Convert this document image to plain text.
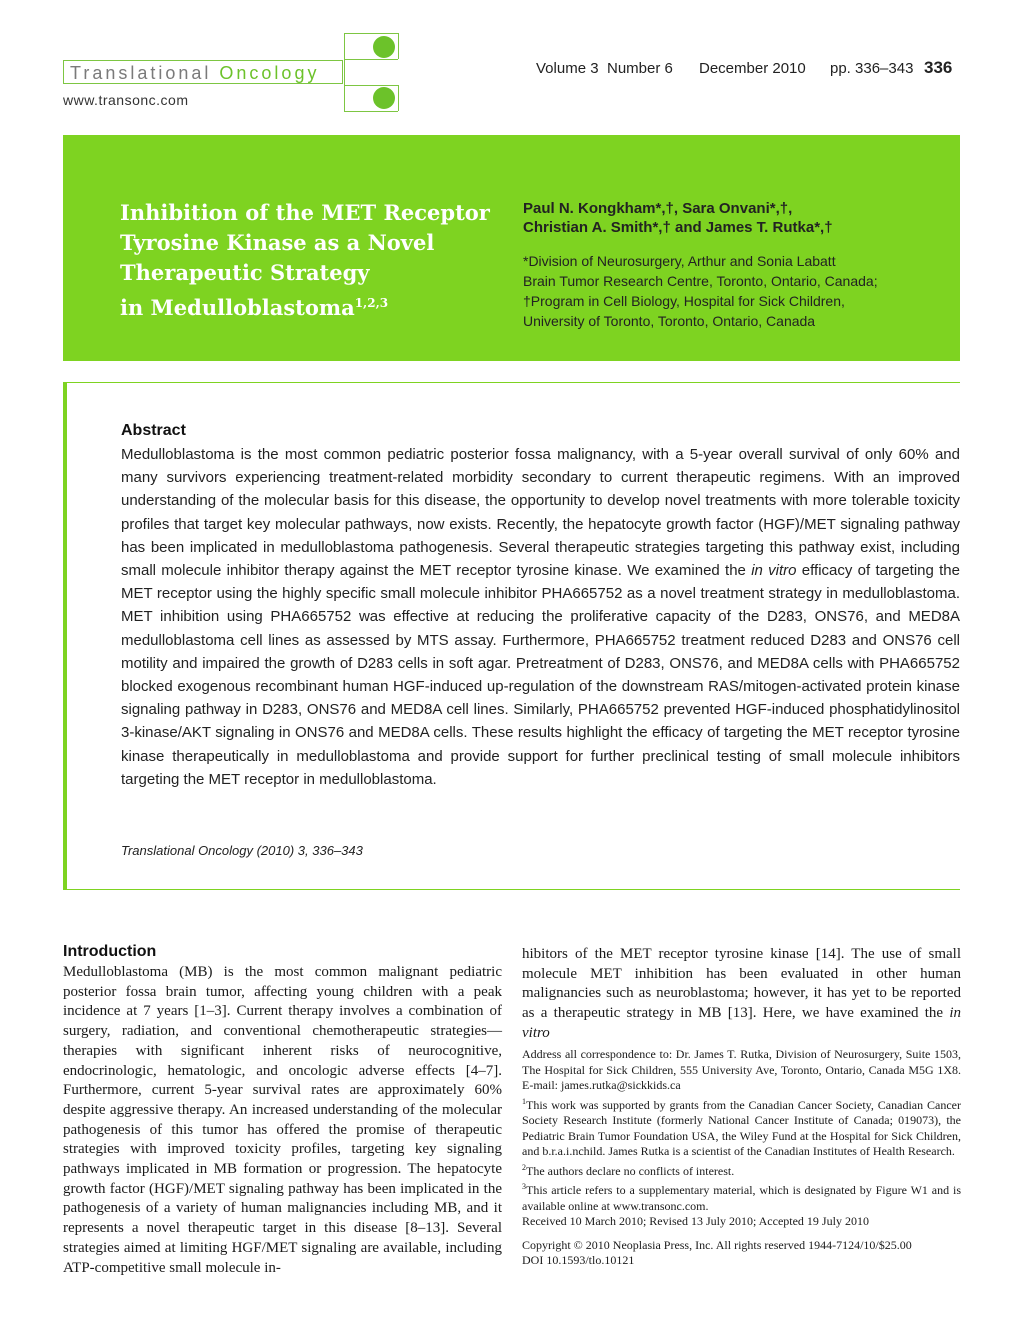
Translational Oncology
www.transonc.com
Volume 3 Number 6 December 2010 pp. 336–343 336
Inhibition of the MET Receptor
Tyrosine Kinase as a Novel
Therapeutic Strategy
in Medulloblastoma$^{1,2,3}$
Paul N. Kongkham*,†, Sara Onvani*,†,
Christian A. Smith*,† and James T. Rutka*,†
*Division of Neurosurgery, Arthur and Sonia Labatt
Brain Tumor Research Centre, Toronto, Ontario, Canada;
†Program in Cell Biology, Hospital for Sick Children,
University of Toronto, Toronto, Ontario, Canada
Abstract

Medulloblastoma is the most common pediatric posterior fossa malignancy, with a 5-year overall survival of only 60% and many survivors experiencing treatment-related morbidity secondary to current therapeutic regimens. With an improved understanding of the molecular basis for this disease, the opportunity to develop novel treatments with more tolerable toxicity profiles that target key molecular pathways, now exists. Recently, the hepatocyte growth factor (HGF)/MET signaling pathway has been implicated in medulloblastoma pathogenesis. Several therapeutic strategies targeting this pathway exist, including small molecule inhibitor therapy against the MET receptor tyrosine kinase. We examined the in vitro efficacy of targeting the MET receptor using the highly specific small molecule inhibitor PHA665752 as a novel treatment strategy in medulloblastoma. MET inhibition using PHA665752 was effective at reducing the proliferative capacity of the D283, ONS76, and MED8A medulloblastoma cell lines as assessed by MTS assay. Furthermore, PHA665752 treatment reduced D283 and ONS76 cell motility and impaired the growth of D283 cells in soft agar. Pretreatment of D283, ONS76, and MED8A cells with PHA665752 blocked exogenous recombinant human HGF-induced up-regulation of the downstream RAS/mitogen-activated protein kinase signaling pathway in D283, ONS76 and MED8A cell lines. Similarly, PHA665752 prevented HGF-induced phosphatidylinositol 3-kinase/AKT signaling in ONS76 and MED8A cells. These results highlight the efficacy of targeting the MET receptor tyrosine kinase therapeutically in medulloblastoma and provide support for further preclinical testing of small molecule inhibitors targeting the MET receptor in medulloblastoma.

Translational Oncology (2010) 3, 336–343
Introduction

Medulloblastoma (MB) is the most common malignant pediatric posterior fossa brain tumor, affecting young children with a peak incidence at 7 years [1–3]. Current therapy involves a combination of surgery, radiation, and conventional chemotherapeutic strategies—therapies with significant inherent risks of neurocognitive, endocrinologic, hematologic, and oncologic adverse effects [4–7]. Furthermore, current 5-year survival rates are approximately 60% despite aggressive therapy. An increased understanding of the molecular pathogenesis of this tumor has offered the promise of therapeutic strategies with improved toxicity profiles, targeting key signaling pathways implicated in MB formation or progression. The hepatocyte growth factor (HGF)/MET signaling pathway has been implicated in the pathogenesis of a variety of human malignancies including MB, and it represents a novel therapeutic target in this disease [8–13]. Several strategies aimed at limiting HGF/MET signaling are available, including ATP-competitive small molecule in-

hibitors of the MET receptor tyrosine kinase [14]. The use of small molecule MET inhibition has been evaluated in other human malignancies such as neuroblastoma; however, it has yet to be reported as a therapeutic strategy in MB [13]. Here, we have examined the in vitro

Address all correspondence to: Dr. James T. Rutka, Division of Neurosurgery, Suite 1503, The Hospital for Sick Children, 555 University Ave, Toronto, Ontario, Canada M5G 1X8. E-mail: james.rutka@sickkids.ca

$^1$This work was supported by grants from the Canadian Cancer Society, Canadian Cancer Society Research Institute (formerly National Cancer Institute of Canada; 019073), the Pediatric Brain Tumor Foundation USA, the Wiley Fund at the Hospital for Sick Children, and b.r.a.i.nchild. James Rutka is a scientist of the Canadian Institutes of Health Research.

$^2$The authors declare no conflicts of interest.

$^3$This article refers to a supplementary material, which is designated by Figure W1 and is available online at www.transonc.com.

Received 10 March 2010; Revised 13 July 2010; Accepted 19 July 2010

Copyright © 2010 Neoplasia Press, Inc. All rights reserved 1944-7124/10/$25.00

DOI 10.1593/tlo.10121
